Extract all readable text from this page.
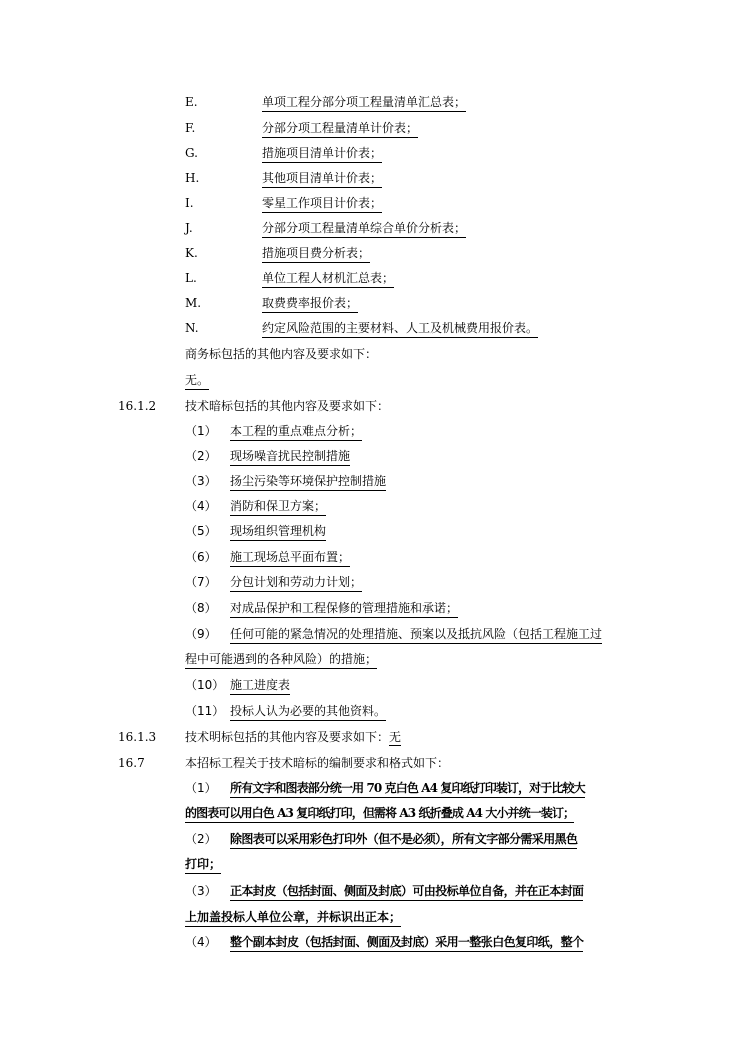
E.	单项工程分部分项工程量清单汇总表；
F.	分部分项工程量清单计价表；
G.	措施项目清单计价表；
H.	其他项目清单计价表；
I.	零星工作项目计价表；
J.	分部分项工程量清单综合单价分析表；
K.	措施项目费分析表；
L.	单位工程人材机汇总表；
M.	取费费率报价表；
N.	约定风险范围的主要材料、人工及机械费用报价表。
商务标包括的其他内容及要求如下：
无。
16.1.2 技术暗标包括的其他内容及要求如下：
（1） 本工程的重点难点分析；
（2） 现场噪音扰民控制措施
（3） 扬尘污染等环境保护控制措施
（4） 消防和保卫方案；
（5） 现场组织管理机构
（6） 施工现场总平面布置；
（7） 分包计划和劳动力计划；
（8） 对成品保护和工程保修的管理措施和承诺；
（9） 任何可能的紧急情况的处理措施、预案以及抵抗风险（包括工程施工过
程中可能遇到的各种风险）的措施；
（10） 施工进度表
（11） 投标人认为必要的其他资料。
16.1.3 技术明标包括的其他内容及要求如下：无
16.7	本招标工程关于技术暗标的编制要求和格式如下：
（1） 所有文字和图表部分统一用 70 克白色 A4 复印纸打印装订，对于比较大
的图表可以用白色 A3 复印纸打印，但需将 A3 纸折叠成 A4 大小并统一装订；
（2） 除图表可以采用彩色打印外（但不是必须），所有文字部分需采用黑色
打印；
（3） 正本封皮（包括封面、侧面及封底）可由投标单位自备，并在正本封面
上加盖投标人单位公章，并标识出正本；
（4） 整个副本封皮（包括封面、侧面及封底）采用一整张白色复印纸，整个
